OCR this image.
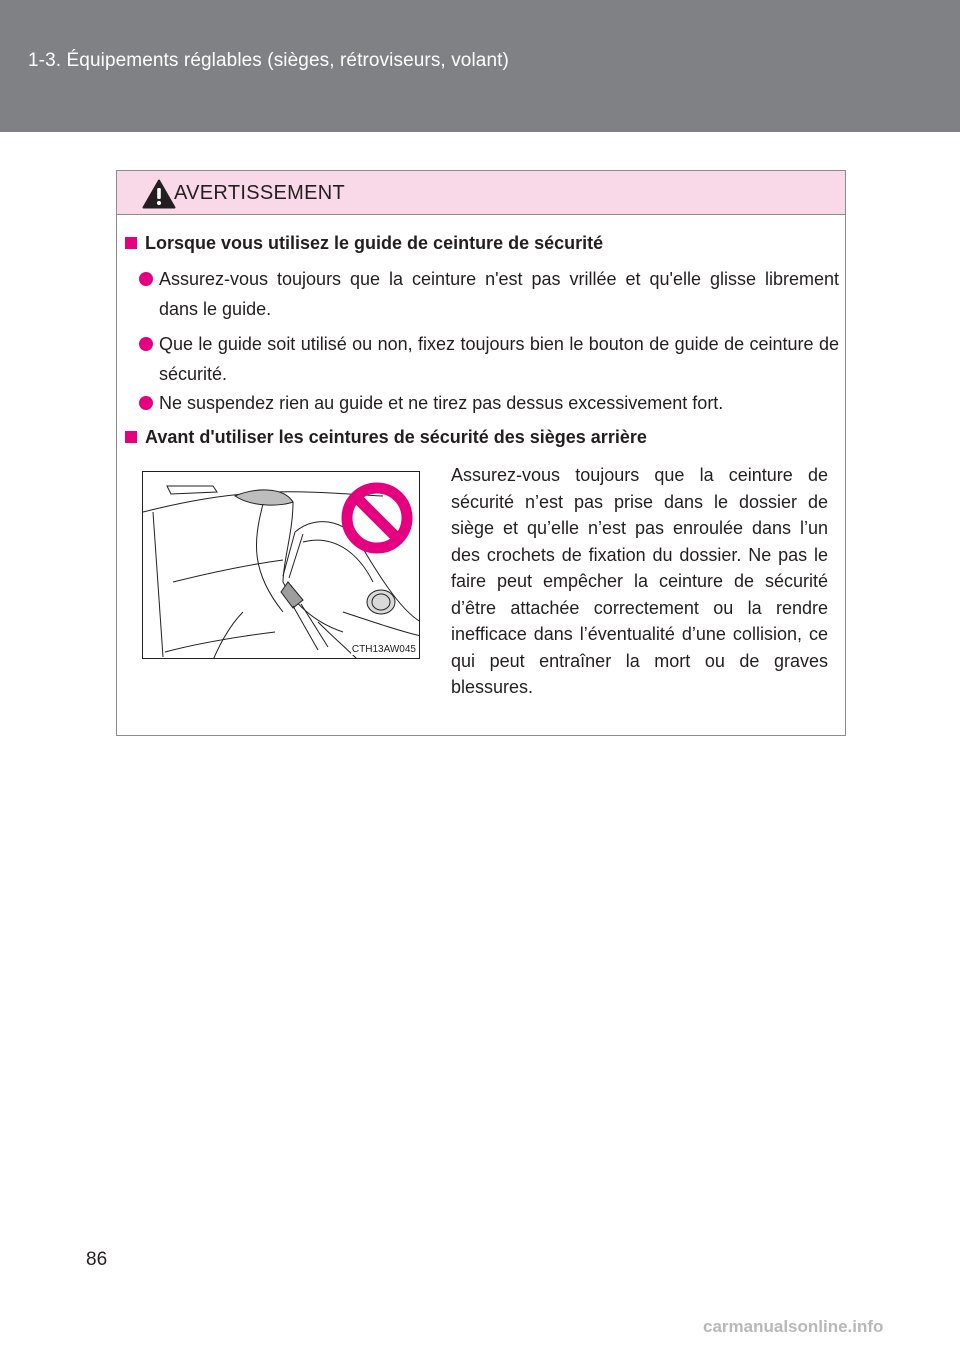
1-3. Équipements réglables (sièges, rétroviseurs, volant)
AVERTISSEMENT
Lorsque vous utilisez le guide de ceinture de sécurité
Assurez-vous toujours que la ceinture n'est pas vrillée et qu'elle glisse librement dans le guide.
Que le guide soit utilisé ou non, fixez toujours bien le bouton de guide de ceinture de sécurité.
Ne suspendez rien au guide et ne tirez pas dessus excessivement fort.
Avant d'utiliser les ceintures de sécurité des sièges arrière
CTH13AW045
Assurez-vous toujours que la ceinture de sécurité n’est pas prise dans le dossier de siège et qu’elle n’est pas enroulée dans l’un des crochets de fixation du dossier. Ne pas le faire peut empêcher la ceinture de sécurité d’être attachée correctement ou la rendre inefficace dans l’éventualité d’une collision, ce qui peut entraîner la mort ou de graves blessures.
86
carmanualsonline.info
